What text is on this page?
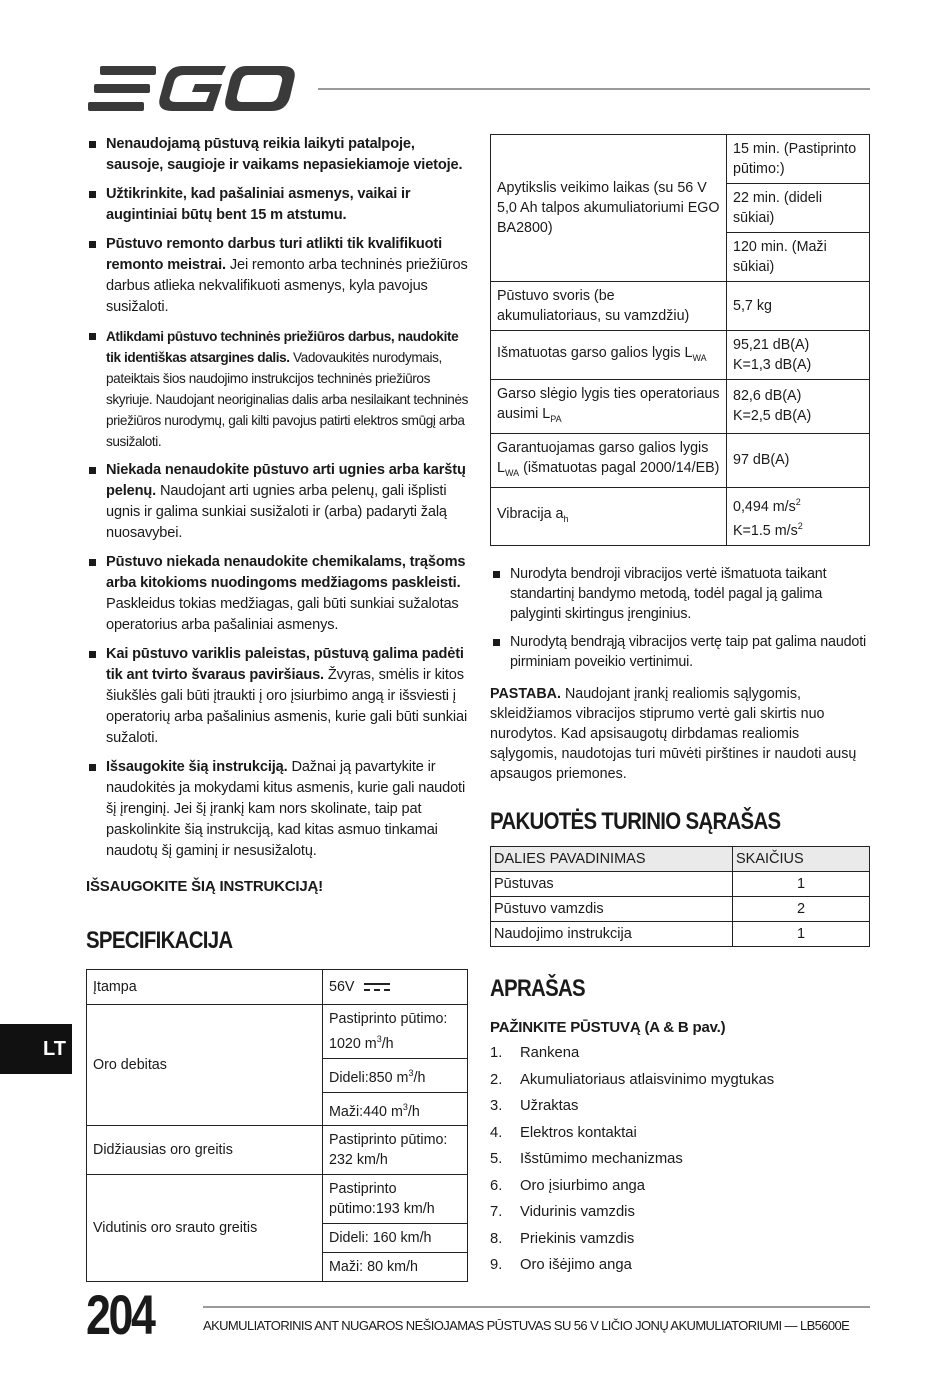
Nenaudojamą pūstuvą reikia laikyti patalpoje, sausoje, saugioje ir vaikams nepasiekiamoje vietoje.
Užtikrinkite, kad pašaliniai asmenys, vaikai ir augintiniai būtų bent 15 m atstumu.
Pūstuvo remonto darbus turi atlikti tik kvalifikuoti remonto meistrai. Jei remonto arba techninės priežiūros darbus atlieka nekvalifikuoti asmenys, kyla pavojus susižaloti.
Atlikdami pūstuvo techninės priežiūros darbus, naudokite tik identiškas atsargines dalis. Vadovaukitės nurodymais, pateiktais šios naudojimo instrukcijos techninės priežiūros skyriuje. Naudojant neoriginalias dalis arba nesilaikant techninės priežiūros nurodymų, gali kilti pavojus patirti elektros smūgį arba susižaloti.
Niekada nenaudokite pūstuvo arti ugnies arba karštų pelenų. Naudojant arti ugnies arba pelenų, gali išplisti ugnis ir galima sunkiai susižaloti ir (arba) padaryti žalą nuosavybei.
Pūstuvo niekada nenaudokite chemikalams, trąšoms arba kitokioms nuodingoms medžiagoms paskleisti. Paskleidus tokias medžiagas, gali būti sunkiai sužalotas operatorius arba pašaliniai asmenys.
Kai pūstuvo variklis paleistas, pūstuvą galima padėti tik ant tvirto švaraus paviršiaus. Žvyras, smėlis ir kitos šiukšlės gali būti įtraukti į oro įsiurbimo angą ir išsviesti į operatorių arba pašalinius asmenis, kurie gali būti sunkiai sužaloti.
Išsaugokite šią instrukciją. Dažnai ją pavartykite ir naudokitės ja mokydami kitus asmenis, kurie gali naudoti šį įrenginį. Jei šį įrankį kam nors skolinate, taip pat paskolinkite šią instrukciją, kad kitas asmuo tinkamai naudotų šį gaminį ir nesusižalotų.
IŠSAUGOKITE ŠIĄ INSTRUKCIJĄ!
SPECIFIKACIJA
Įtampa	56V
Oro debitas	Pastiprinto pūtimo: 1020 $m^3/h$
	Dideli:850 $m^3/h$
	Maži:440 $m^3/h$
Didžiausias oro greitis	Pastiprinto pūtimo: 232 km/h
Vidutinis oro srauto greitis	Pastiprinto pūtimo:193 km/h
	Dideli: 160 km/h
	Maži: 80 km/h
Apytikslis veikimo laikas (su 56 V 5,0 Ah talpos akumuliatoriumi EGO BA2800)	15 min. (Pastiprinto pūtimo:)
	22 min. (dideli sūkiai)
	120 min. (Maži sūkiai)
Pūstuvo svoris (be akumuliatoriaus, su vamzdžiu)	5,7 kg
Išmatuotas garso galios lygis $L_{WA}$	95,21 dB(A)
K=1,3 dB(A)

Garso slėgio lygis ties operatoriaus ausimi $L_{PA}$	82,6 dB(A)
K=2,5 dB(A)

Garantuojamas garso galios lygis $L_{WA}$ (išmatuotas pagal 2000/14/EB)	97 dB(A)
Vibracija $a_h$	0,494 $m/s^2$
K=1.5 $m/s^2$
Nurodyta bendroji vibracijos vertė išmatuota taikant standartinį bandymo metodą, todėl pagal ją galima palyginti skirtingus įrenginius.
Nurodytą bendrąją vibracijos vertę taip pat galima naudoti pirminiam poveikio vertinimui.
PASTABA. Naudojant įrankį realiomis sąlygomis, skleidžiamos vibracijos stiprumo vertė gali skirtis nuo nurodytos. Kad apsisaugotų dirbdamas realiomis sąlygomis, naudotojas turi mūvėti pirštines ir naudoti ausų apsaugos priemones.
PAKUOTĖS TURINIO SĄRAŠAS
DALIES PAVADINIMAS	SKAIČIUS
Pūstuvas	1
Pūstuvo vamzdis	2
Naudojimo instrukcija	1
APRAŠAS
PAŽINKITE PŪSTUVĄ (A & B pav.)
1.	Rankena
2.	Akumuliatoriaus atlaisvinimo mygtukas
3.	Užraktas
4.	Elektros kontaktai
5.	Išstūmimo mechanizmas
6.	Oro įsiurbimo anga
7.	Vidurinis vamzdis
8.	Priekinis vamzdis
9.	Oro išėjimo anga
LT
204	AKUMULIATORINIS ANT NUGAROS NEŠIOJAMAS PŪSTUVAS SU 56 V LIČIO JONŲ AKUMULIATORIUMI — LB5600E
